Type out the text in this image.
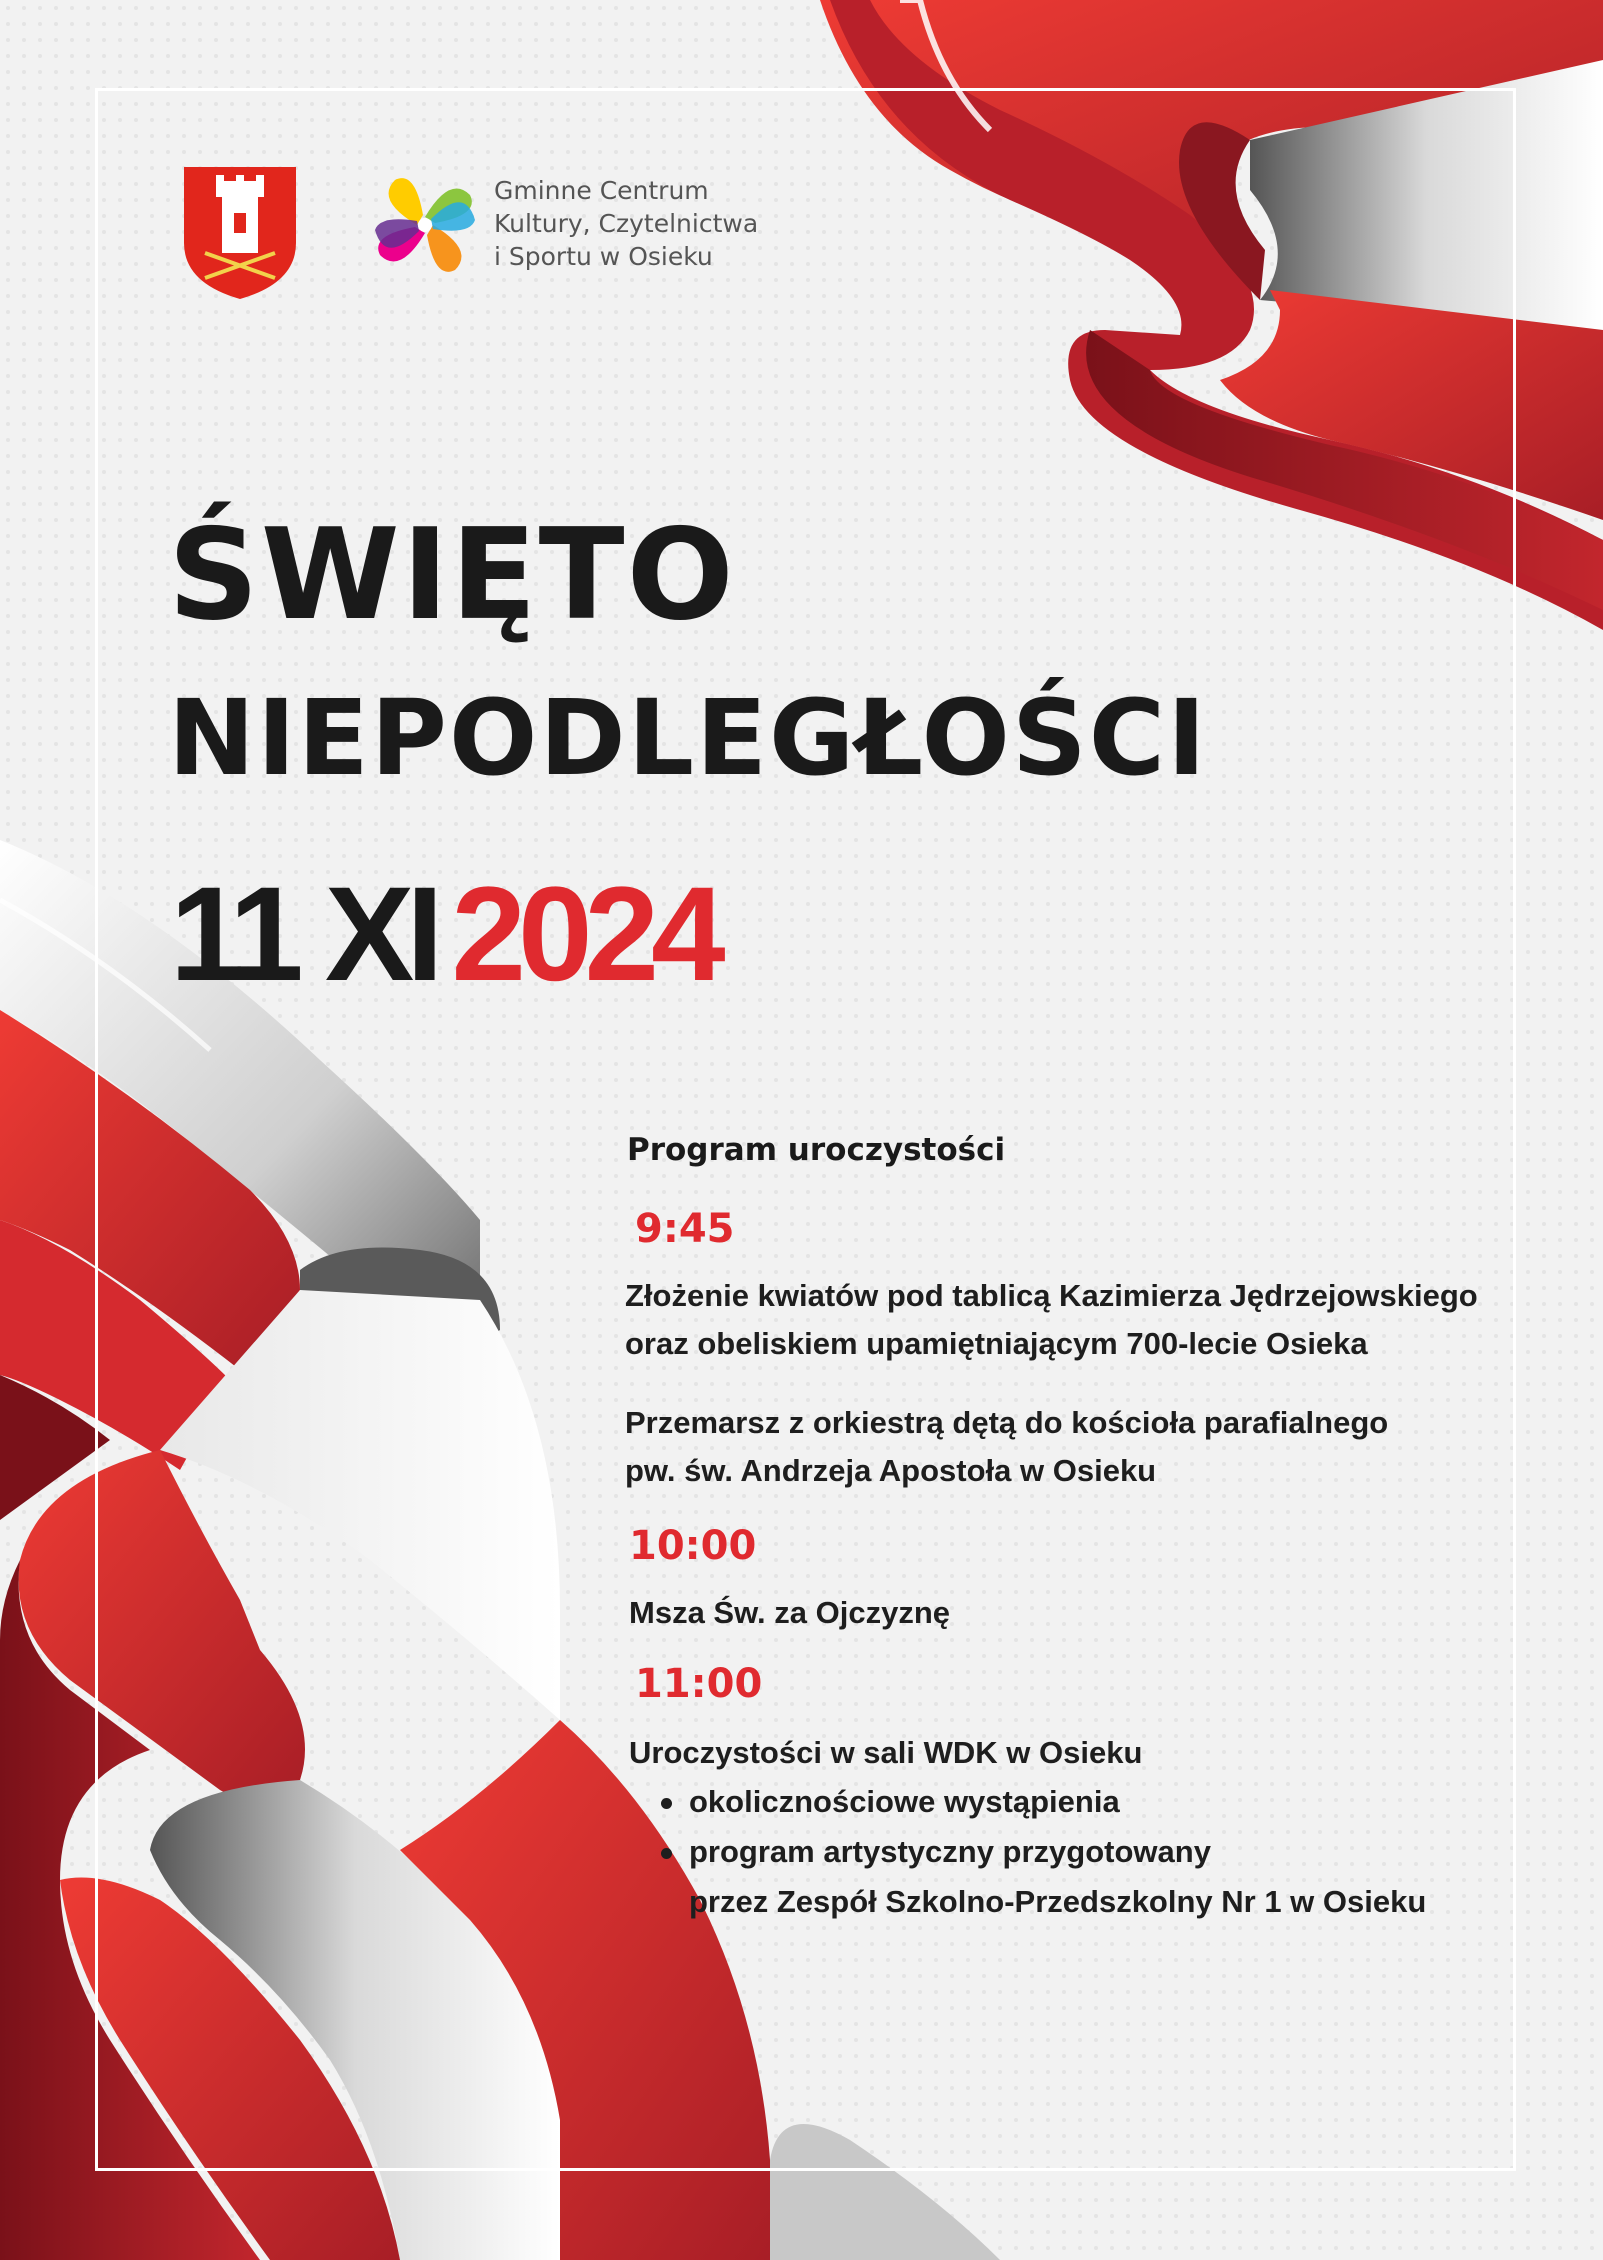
Gminne Centrum
Kultury, Czytelnictwa
i Sportu w Osieku
ŚWIĘTO
NIEPODLEGŁOŚCI
11 XI 2024
Program uroczystości
9:45
Złożenie kwiatów pod tablicą Kazimierza Jędrzejowskiego
oraz obeliskiem upamiętniającym 700-lecie Osieka
Przemarsz z orkiestrą dętą do kościoła parafialnego
pw. św. Andrzeja Apostoła w Osieku
10:00
Msza Św. za Ojczyznę
11:00
Uroczystości w sali WDK w Osieku
okolicznościowe wystąpienia
program artystyczny przygotowany
przez Zespół Szkolno-Przedszkolny Nr 1 w Osieku
